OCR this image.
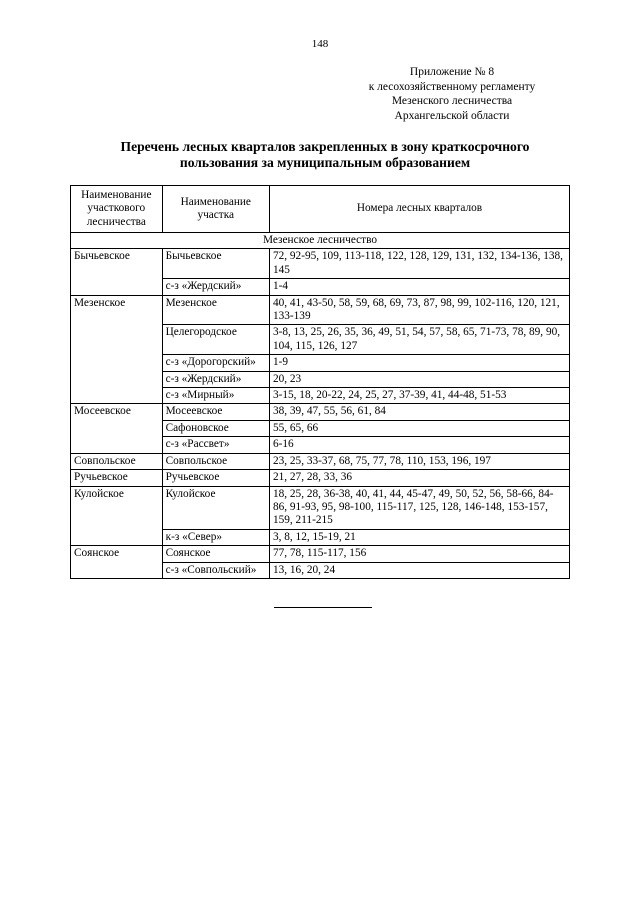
148
Приложение № 8
к лесохозяйственному регламенту
Мезенского лесничества
Архангельской области
Перечень лесных кварталов закрепленных в зону краткосрочного
пользования за муниципальным образованием
Наименование участкового лесничества	Наименование участка	Номера лесных кварталов
Мезенское лесничество		
Бычьевское	Бычьевское	72, 92-95, 109, 113-118, 122, 128, 129, 131, 132, 134-136, 138, 145
	с-з «Жердский»	1-4
Мезенское	Мезенское	40, 41, 43-50, 58, 59, 68, 69, 73, 87, 98, 99, 102-116, 120, 121, 133-139
	Целегородское	3-8, 13, 25, 26, 35, 36, 49, 51, 54, 57, 58, 65, 71-73, 78, 89, 90, 104, 115, 126, 127
	с-з «Дорогорский»	1-9
	с-з «Жердский»	20, 23
	с-з «Мирный»	3-15, 18, 20-22, 24, 25, 27, 37-39, 41, 44-48, 51-53
Мосеевское	Мосеевское	38, 39, 47, 55, 56, 61, 84
	Сафоновское	55, 65, 66
	с-з «Рассвет»	6-16
Совпольское	Совпольское	23, 25, 33-37, 68, 75, 77, 78, 110, 153, 196, 197
Ручьевское	Ручьевское	21, 27, 28, 33, 36
Кулойское	Кулойское	18, 25, 28, 36-38, 40, 41, 44, 45-47, 49, 50, 52, 56, 58-66, 84-86, 91-93, 95, 98-100, 115-117, 125, 128, 146-148, 153-157, 159, 211-215
	к-з «Север»	3, 8, 12, 15-19, 21
Сoянское	Соянское	77, 78, 115-117, 156
	с-з «Совпольский»	13, 16, 20, 24
